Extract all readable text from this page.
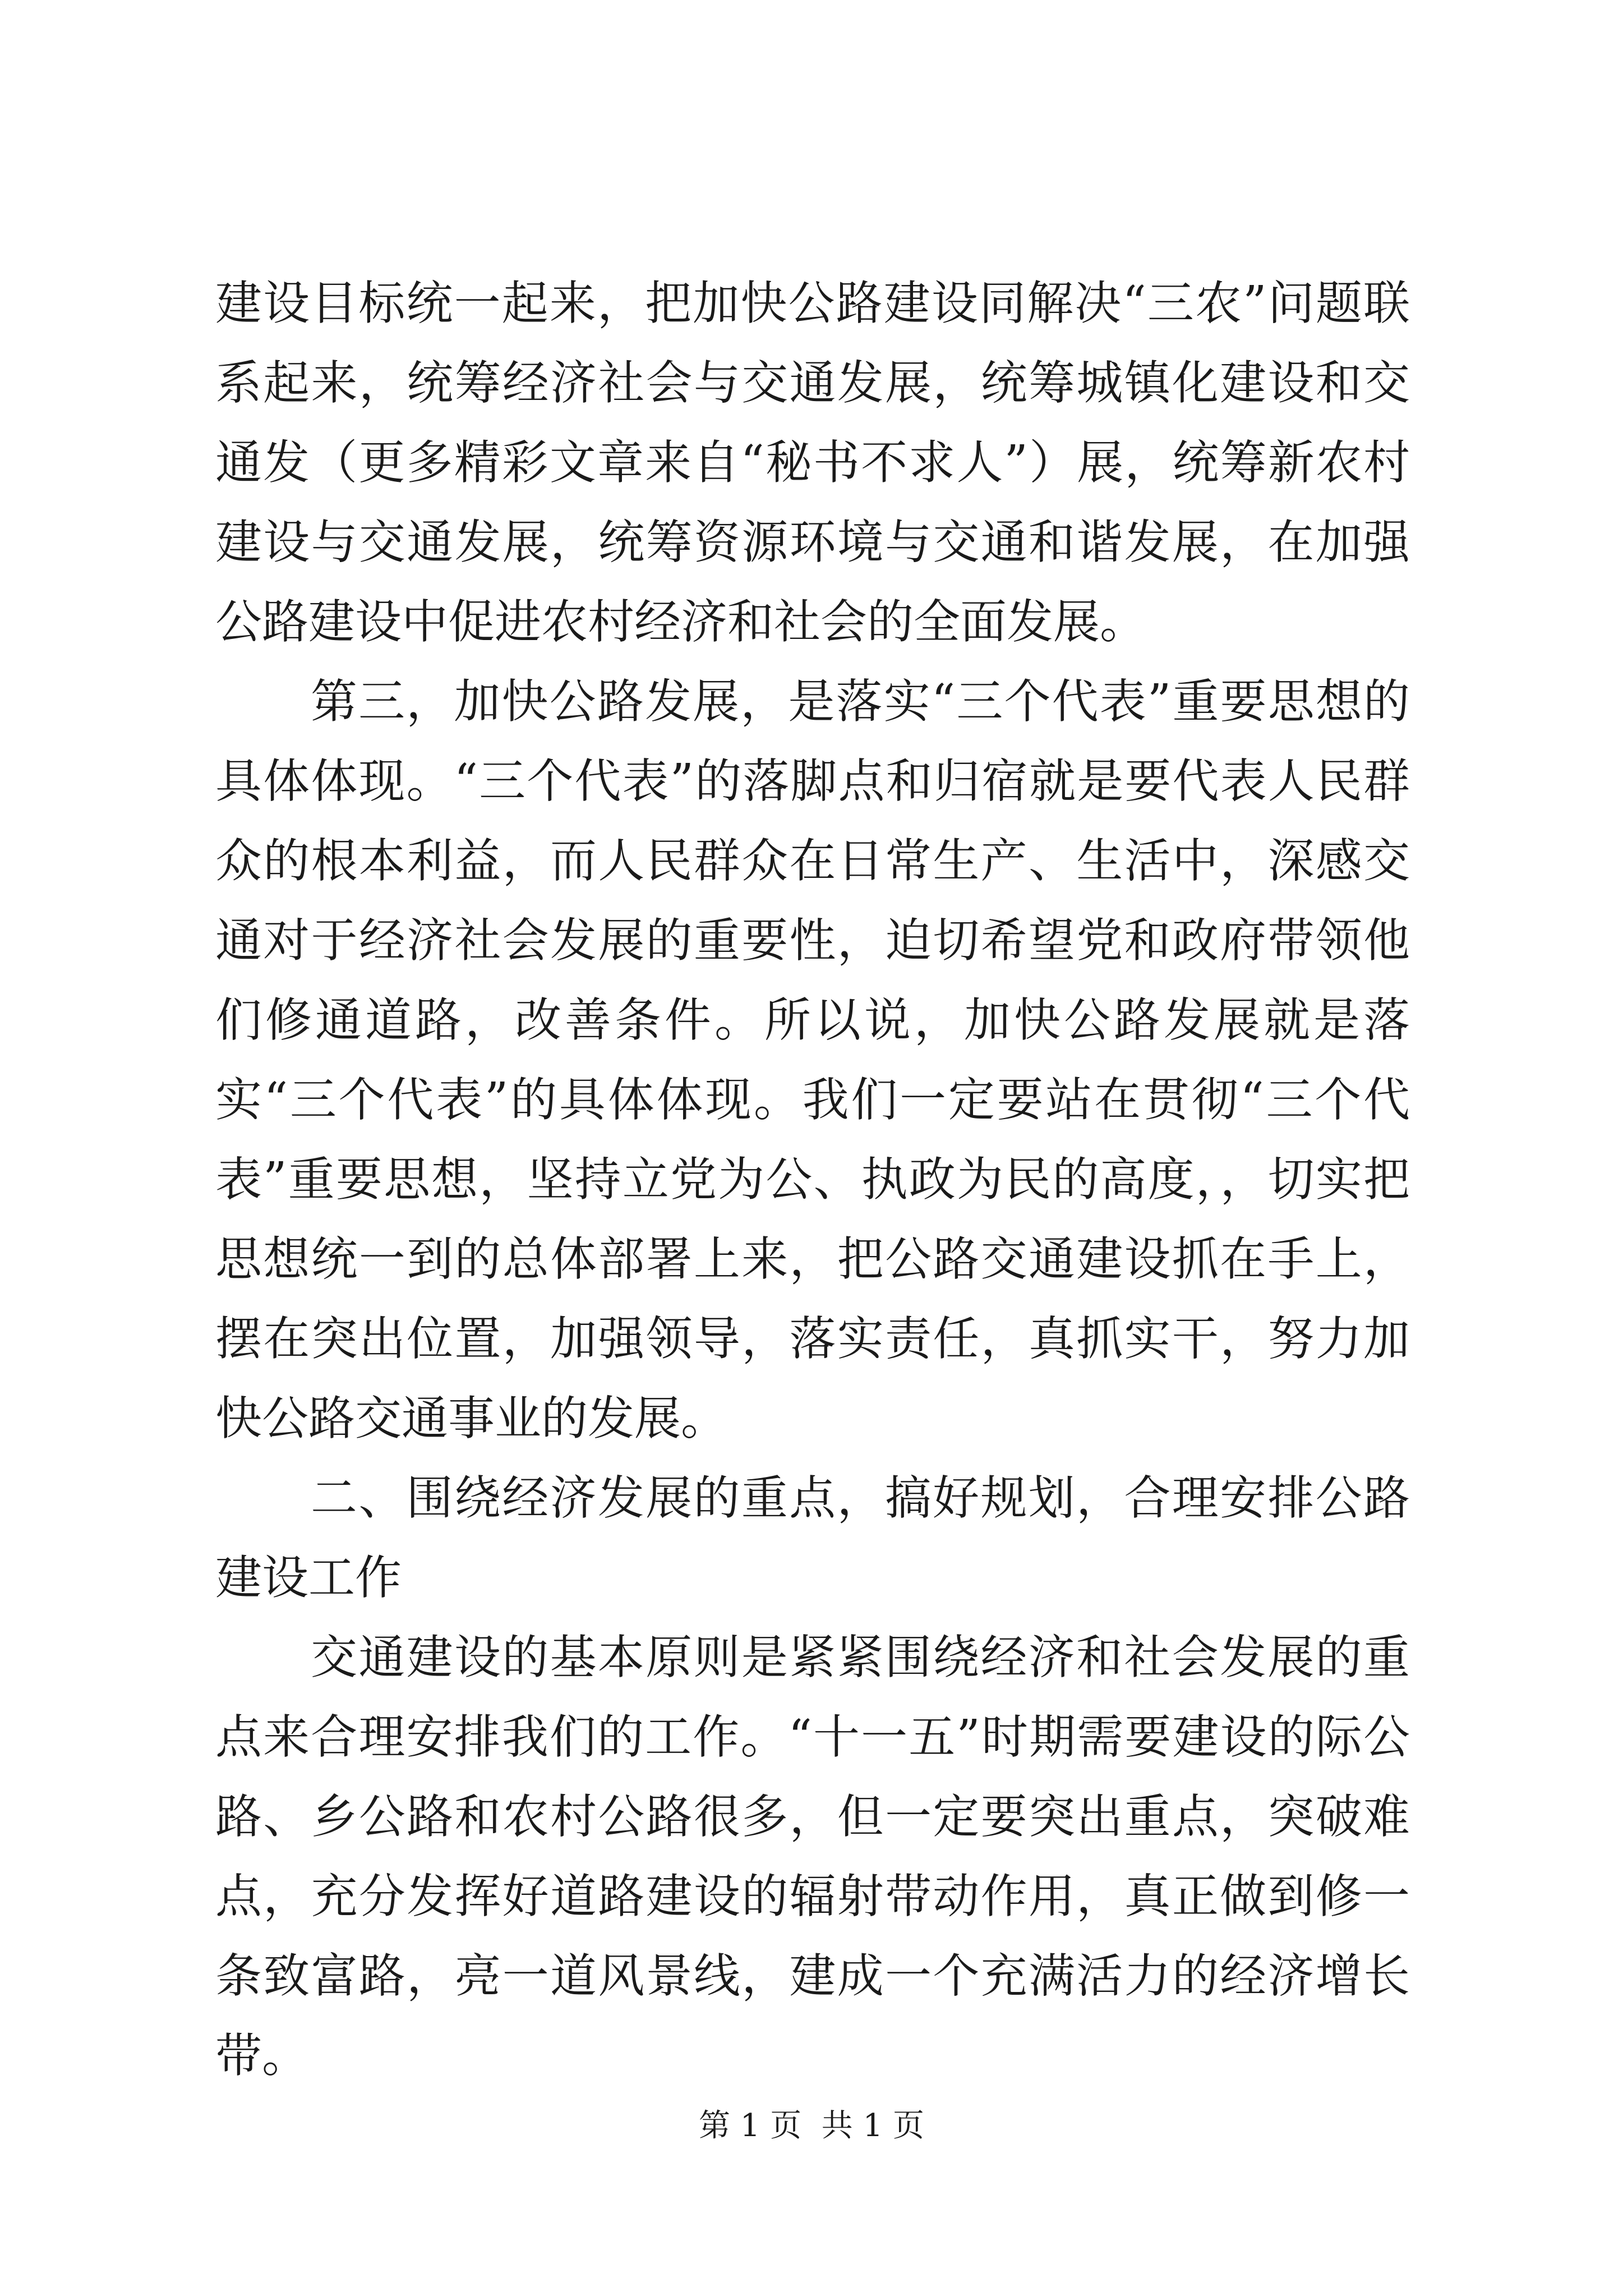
建设目标统一起来，把加快公路建设同解决“三农”问题联系起来，统筹经济社会与交通发展，统筹城镇化建设和交通发（更多精彩文章来自“秘书不求人”）展，统筹新农村建设与交通发展，统筹资源环境与交通和谐发展，在加强公路建设中促进农村经济和社会的全面发展。

第三，加快公路发展，是落实“三个代表”重要思想的具体体现。“三个代表”的落脚点和归宿就是要代表人民群众的根本利益，而人民群众在日常生产、生活中，深感交通对于经济社会发展的重要性，迫切希望党和政府带领他们修通道路，改善条件。所以说，加快公路发展就是落实“三个代表”的具体体现。我们一定要站在贯彻“三个代表”重要思想，坚持立党为公、执政为民的高度，，切实把思想统一到的总体部署上来，把公路交通建设抓在手上，摆在突出位置，加强领导，落实责任，真抓实干，努力加快公路交通事业的发展。

二、围绕经济发展的重点，搞好规划，合理安排公路建设工作

交通建设的基本原则是紧紧围绕经济和社会发展的重点来合理安排我们的工作。“十一五”时期需要建设的际公路、乡公路和农村公路很多，但一定要突出重点，突破难点，充分发挥好道路建设的辐射带动作用，真正做到修一条致富路，亮一道风景线，建成一个充满活力的经济增长带。

第 1 页  共 1 页
